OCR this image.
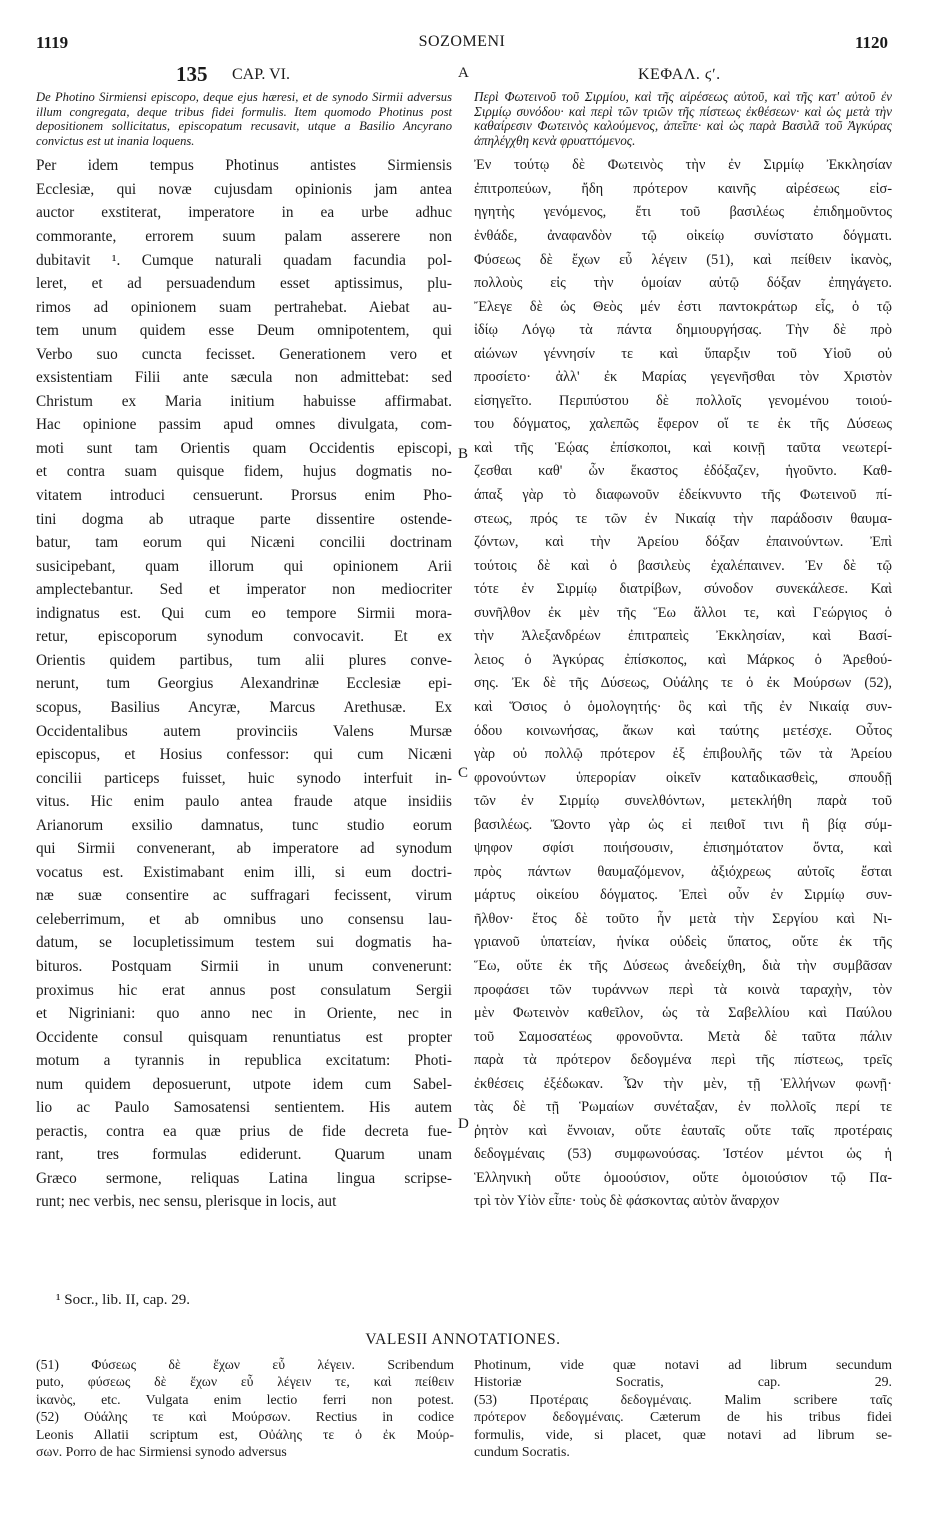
1119	SOZOMENI	1120
135 CAP. VI.
De Photino Sirmiensi episcopo, deque ejus hæresi, et de synodo Sirmii adversus illum congregata, deque tribus fidei formulis. Item quomodo Photinus post depositionem sollicitatus, episcopatum recusavit, utque a Basilio Ancyrano convictus est ut inania loquens.
Per idem tempus Photinus antistes Sirmiensis
Ecclesiæ, qui novæ cujusdam opinionis jam antea
auctor exstiterat, imperatore in ea urbe adhuc
commorante, errorem suum palam asserere non
dubitavit ¹. Cumque naturali quadam facundia pol-
leret, et ad persuadendum esset aptissimus, plu-
rimos ad opinionem suam pertrahebat. Aiebat au-
tem unum quidem esse Deum omnipotentem, qui
Verbo suo cuncta fecisset. Generationem vero et
exsistentiam Filii ante sæcula non admittebat: sed
Christum ex Maria initium habuisse affirmabat.
Hac opinione passim apud omnes divulgata, com-
moti sunt tam Orientis quam Occidentis episcopi,
et contra suam quisque fidem, hujus dogmatis no-
vitatem introduci censuerunt. Prorsus enim Pho-
tini dogma ab utraque parte dissentire ostende-
batur, tam eorum qui Nicæni concilii doctrinam
susicipebant, quam illorum qui opinionem Arii
amplectebantur. Sed et imperator non mediocriter
indignatus est. Qui cum eo tempore Sirmii mora-
retur, episcoporum synodum convocavit. Et ex
Orientis quidem partibus, tum alii plures conve-
nerunt, tum Georgius Alexandrinæ Ecclesiæ epi-
scopus, Basilius Ancyræ, Marcus Arethusæ. Ex
Occidentalibus autem provinciis Valens Mursæ
episcopus, et Hosius confessor: qui cum Nicæni
concilii particeps fuisset, huic synodo interfuit in-
vitus. Hic enim paulo antea fraude atque insidiis
Arianorum exsilio damnatus, tunc studio eorum
qui Sirmii convenerant, ab imperatore ad synodum
vocatus est. Existimabant enim illi, si eum doctri-
næ suæ consentire ac suffragari fecissent, virum
celeberrimum, et ab omnibus uno consensu lau-
datum, se locupletissimum testem sui dogmatis ha-
bituros. Postquam Sirmii in unum convenerunt:
proximus hic erat annus post consulatum Sergii
et Nigriniani: quo anno nec in Oriente, nec in
Occidente consul quisquam renuntiatus est propter
motum a tyrannis in republica excitatum: Photi-
num quidem deposuerunt, utpote idem cum Sabel-
lio ac Paulo Samosatensi sentientem. His autem
peractis, contra ea quæ prius de fide decreta fue-
rant, tres formulas ediderunt. Quarum unam
Græco sermone, reliquas Latina lingua scripse-
runt; nec verbis, nec sensu, plerisque in locis, aut
ΚΕΦΑΛ. ϛʹ.
Περὶ Φωτεινοῦ τοῦ Σιρμίου, καὶ τῆς αἱρέσεως αὐτοῦ, καὶ τῆς κατ' αὐτοῦ ἐν Σιρμίῳ συνόδου· καὶ περὶ τῶν τριῶν τῆς πίστεως ἐκθέσεων· καὶ ὡς μετὰ τὴν καθαίρεσιν Φωτεινὸς καλούμενος, ἀπεῖπε· καὶ ὡς παρὰ Βασιλᾶ τοῦ Ἀγκύρας ἀπηλέγχθη κενὰ φρυαττόμενος.
Ἐν τούτῳ δὲ Φωτεινὸς τὴν ἐν Σιρμίῳ Ἐκκλησίαν
ἐπιτροπεύων, ἤδη πρότερον καινῆς αἱρέσεως εἰσ-
ηγητὴς γενόμενος, ἔτι τοῦ βασιλέως ἐπιδημοῦντος
ἐνθάδε, ἀναφανδὸν τῷ οἰκείῳ συνίστατο δόγματι.
Φύσεως δὲ ἔχων εὖ λέγειν (51), καὶ πείθειν ἱκανὸς,
πολλοὺς εἰς τὴν ὁμοίαν αὐτῷ δόξαν ἐπηγάγετο.
Ἔλεγε δὲ ὡς Θεὸς μέν ἐστι παντοκράτωρ εἷς, ὁ τῷ
ἰδίῳ Λόγῳ τὰ πάντα δημιουργήσας. Τὴν δὲ πρὸ
αἰώνων γέννησίν τε καὶ ὕπαρξιν τοῦ Υἱοῦ οὐ
προσίετο· ἀλλ' ἐκ Μαρίας γεγενῆσθαι τὸν Χριστὸν
εἰσηγεῖτο. Περιπύστου δὲ πολλοῖς γενομένου τοιού-
του δόγματος, χαλεπῶς ἔφερον οἵ τε ἐκ τῆς Δύσεως
καὶ τῆς Ἑῴας ἐπίσκοποι, καὶ κοινῇ ταῦτα νεωτερί-
ζεσθαι καθ' ὧν ἕκαστος ἐδόξαζεν, ἡγοῦντο. Καθ-
άπαξ γὰρ τὸ διαφωνοῦν ἐδείκνυντο τῆς Φωτεινοῦ πί-
στεως, πρός τε τῶν ἐν Νικαίᾳ τὴν παράδοσιν θαυμα-
ζόντων, καὶ τὴν Ἀρείου δόξαν ἐπαινούντων. Ἐπὶ
τούτοις δὲ καὶ ὁ βασιλεὺς ἐχαλέπαινεν. Ἐν δὲ τῷ
τότε ἐν Σιρμίῳ διατρίβων, σύνοδον συνεκάλεσε. Καὶ
συνῆλθον ἐκ μὲν τῆς Ἕω ἄλλοι τε, καὶ Γεώργιος ὁ
τὴν Ἀλεξανδρέων ἐπιτραπεὶς Ἐκκλησίαν, καὶ Βασί-
λειος ὁ Ἀγκύρας ἐπίσκοπος, καὶ Μάρκος ὁ Ἀρεθού-
σης. Ἐκ δὲ τῆς Δύσεως, Οὐάλης τε ὁ ἐκ Μούρσων (52),
καὶ Ὅσιος ὁ ὁμολογητής· ὃς καὶ τῆς ἐν Νικαίᾳ συν-
όδου κοινωνήσας, ἄκων καὶ ταύτης μετέσχε. Οὗτος
γὰρ οὐ πολλῷ πρότερον ἐξ ἐπιβουλῆς τῶν τὰ Ἀρείου
φρονούντων ὑπερορίαν οἰκεῖν καταδικασθεὶς, σπουδῇ
τῶν ἐν Σιρμίῳ συνελθόντων, μετεκλήθη παρὰ τοῦ
βασιλέως. Ὤοντο γὰρ ὡς εἰ πειθοῖ τινι ἢ βίᾳ σύμ-
ψηφον σφίσι ποιήσουσιν, ἐπισημότατον ὄντα, καὶ
πρὸς πάντων θαυμαζόμενον, ἀξιόχρεως αὐτοῖς ἔσται
μάρτυς οἰκείου δόγματος. Ἐπεὶ οὖν ἐν Σιρμίῳ συν-
ῆλθον· ἔτος δὲ τοῦτο ἦν μετὰ τὴν Σεργίου καὶ Νι-
γριανοῦ ὑπατείαν, ἡνίκα οὐδεὶς ὕπατος, οὔτε ἐκ τῆς
Ἕω, οὔτε ἐκ τῆς Δύσεως ἀνεδείχθη, διὰ τὴν συμβᾶσαν
προφάσει τῶν τυράννων περὶ τὰ κοινὰ ταραχὴν, τὸν
μὲν Φωτεινὸν καθεῖλον, ὡς τὰ Σαβελλίου καὶ Παύλου
τοῦ Σαμοσατέως φρονοῦντα. Μετὰ δὲ ταῦτα πάλιν
παρὰ τὰ πρότερον δεδογμένα περὶ τῆς πίστεως, τρεῖς
ἐκθέσεις ἐξέδωκαν. Ὧν τὴν μὲν, τῇ Ἑλλήνων φωνῇ·
τὰς δὲ τῇ Ῥωμαίων συνέταξαν, ἐν πολλοῖς περί τε
ῥητὸν καὶ ἔννοιαν, οὔτε ἑαυταῖς οὔτε ταῖς προτέραις
δεδογμέναις (53) συμφωνούσας. Ἰστέον μέντοι ὡς ἡ
Ἑλληνικὴ οὔτε ὁμοούσιον, οὔτε ὁμοιούσιον τῷ Πα-
τρὶ τὸν Υἱὸν εἶπε· τοὺς δὲ φάσκοντας αὐτὸν ἄναρχον
A
B
C
D
¹ Socr., lib. II, cap. 29.
VALESII ANNOTATIONES.
(51) Φύσεως δὲ ἔχων εὖ λέγειν. Scribendum
puto, φύσεως δὲ ἔχων εὖ λέγειν τε, καὶ πείθειν
ἱκανὸς, etc. Vulgata enim lectio ferri non potest.
(52) Οὐάλης τε καὶ Μούρσων. Rectius in codice
Leonis Allatii scriptum est, Οὐάλης τε ὁ ἐκ Μούρ-
σων. Porro de hac Sirmiensi synodo adversus
Photinum, vide quæ notavi ad librum secundum
Historiæ Socratis, cap. 29.
(53) Προτέραις δεδογμέναις. Malim scribere ταῖς
πρότερον δεδογμέναις. Cæterum de his tribus fidei
formulis, vide, si placet, quæ notavi ad librum se-
cundum Socratis.
